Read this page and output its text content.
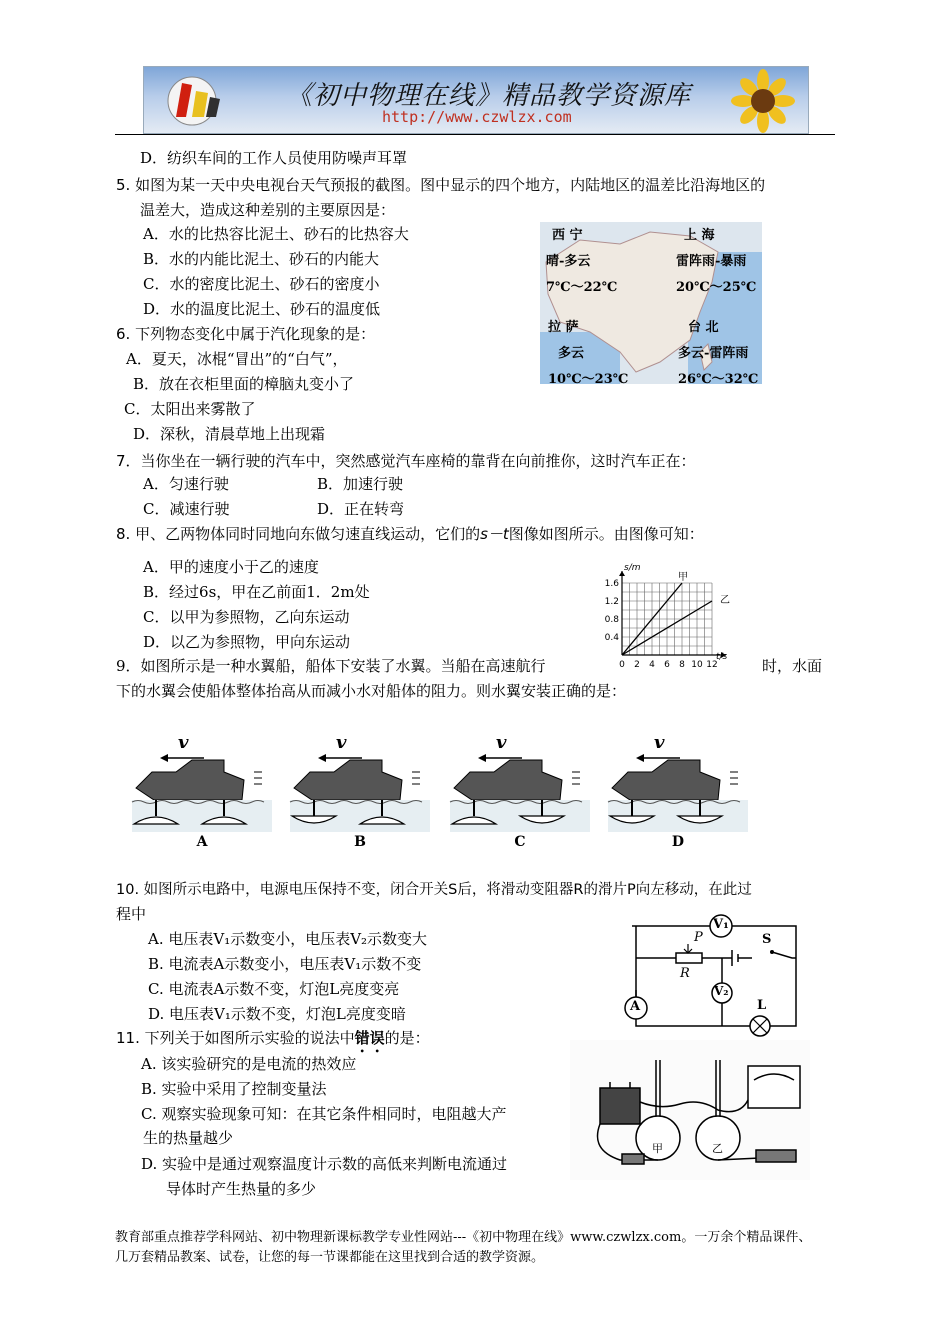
《初中物理在线》精品教学资源库
http://www.czwlzx.com
D．纺织车间的工作人员使用防噪声耳罩
5. 如图为某一天中央电视台天气预报的截图。图中显示的四个地方，内陆地区的温差比沿海地区的
温差大，造成这种差别的主要原因是：
A．水的比热容比泥土、砂石的比热容大
B．水的内能比泥土、砂石的内能大
C．水的密度比泥土、砂石的密度小
D．水的温度比泥土、砂石的温度低
西 宁
晴-多云
7℃～22℃
上 海
雷阵雨-暴雨
20℃～25℃
拉 萨
多云
10℃～23℃
台 北
多云-雷阵雨
26℃～32℃
6. 下列物态变化中属于汽化现象的是：
A．夏天，冰棍“冒出”的“白气”，
B．放在衣柜里面的樟脑丸变小了
C．太阳出来雾散了
D．深秋，清晨草地上出现霜
7．当你坐在一辆行驶的汽车中，突然感觉汽车座椅的靠背在向前推你，这时汽车正在：
A．匀速行驶	B．加速行驶
C．减速行驶	D．正在转弯
8. 甲、乙两物体同时同地向东做匀速直线运动，它们的s－t图像如图所示。由图像可知：
A．甲的速度小于乙的速度
B．经过6s，甲在乙前面1．2m处
C．以甲为参照物，乙向东运动
D．以乙为参照物，甲向东运动
0 2 4 6 8 10 12
1.6
1.2
0.8
0.4
s/m
t/s
甲
乙
9．如图所示是一种水翼船，船体下安装了水翼。当船在高速航行	时，水面
下的水翼会使船体整体抬高从而减小水对船体的阻力。则水翼安装正确的是：
v
A
v
B
v
C
v
D
10. 如图所示电路中，电源电压保持不变，闭合开关S后，将滑动变阻器R的滑片P向左移动，在此过
程中
A. 电压表V₁示数变小，电压表V₂示数变大
B. 电流表A示数变小，电压表V₁示数不变
C. 电流表A示数不变，灯泡L亮度变亮
D. 电压表V₁示数不变，灯泡L亮度变暗
V₁
A
V₂
P
R
S
L
11. 下列关于如图所示实验的说法中错误的是：
A. 该实验研究的是电流的热效应
B. 实验中采用了控制变量法
C. 观察实验现象可知：在其它条件相同时，电阻越大产
生的热量越少
D. 实验中是通过观察温度计示数的高低来判断电流通过
导体时产生热量的多少
甲	乙
教育部重点推荐学科网站、初中物理新课标教学专业性网站---《初中物理在线》www.czwlzx.com。一万余个精品课件、
几万套精品教案、试卷，让您的每一节课都能在这里找到合适的教学资源。
